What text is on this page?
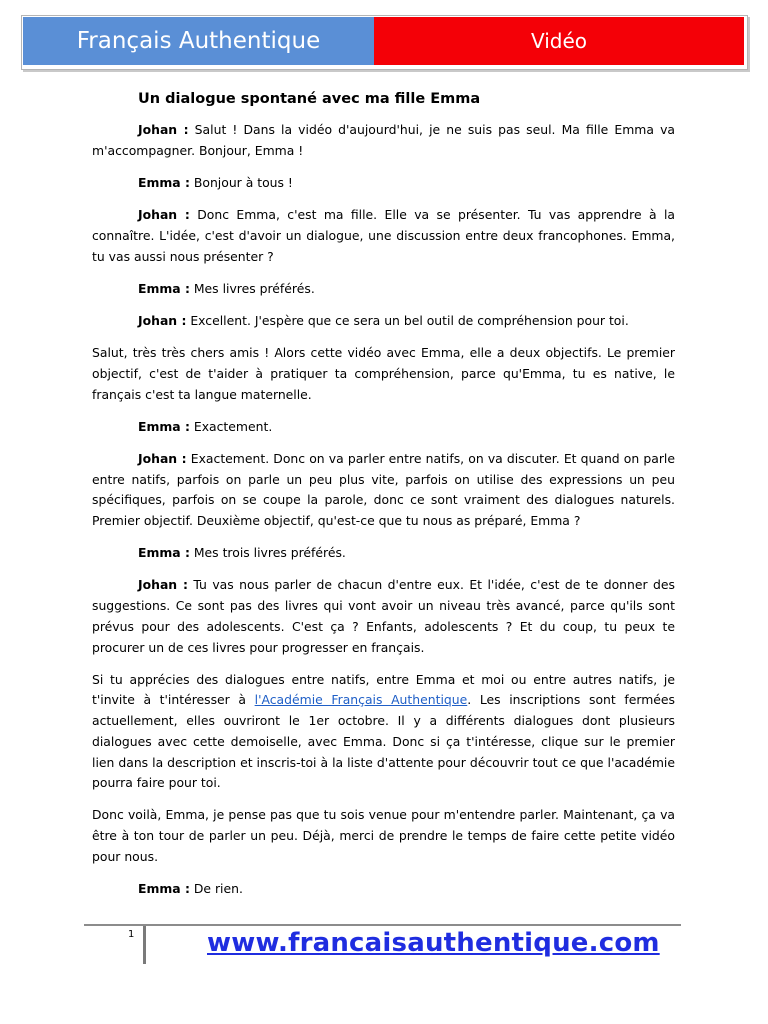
Français Authentique	Vidéo
Un dialogue spontané avec ma fille Emma

Johan : Salut ! Dans la vidéo d'aujourd'hui, je ne suis pas seul. Ma fille Emma va m'accompagner. Bonjour, Emma !

Emma : Bonjour à tous !

Johan : Donc Emma, c'est ma fille. Elle va se présenter. Tu vas apprendre à la connaître. L'idée, c'est d'avoir un dialogue, une discussion entre deux francophones. Emma, tu vas aussi nous présenter ?

Emma : Mes livres préférés.

Johan : Excellent. J'espère que ce sera un bel outil de compréhension pour toi.

Salut, très très chers amis ! Alors cette vidéo avec Emma, elle a deux objectifs. Le premier objectif, c'est de t'aider à pratiquer ta compréhension, parce qu'Emma, tu es native, le français c'est ta langue maternelle.

Emma : Exactement.

Johan : Exactement. Donc on va parler entre natifs, on va discuter. Et quand on parle entre natifs, parfois on parle un peu plus vite, parfois on utilise des expressions un peu spécifiques, parfois on se coupe la parole, donc ce sont vraiment des dialogues naturels. Premier objectif. Deuxième objectif, qu'est-ce que tu nous as préparé, Emma ?

Emma : Mes trois livres préférés.

Johan : Tu vas nous parler de chacun d'entre eux. Et l'idée, c'est de te donner des suggestions. Ce sont pas des livres qui vont avoir un niveau très avancé, parce qu'ils sont prévus pour des adolescents. C'est ça ? Enfants, adolescents ? Et du coup, tu peux te procurer un de ces livres pour progresser en français.

Si tu apprécies des dialogues entre natifs, entre Emma et moi ou entre autres natifs, je t'invite à t'intéresser à l'Académie Français Authentique. Les inscriptions sont fermées actuellement, elles ouvriront le 1er octobre. Il y a différents dialogues dont plusieurs dialogues avec cette demoiselle, avec Emma. Donc si ça t'intéresse, clique sur le premier lien dans la description et inscris-toi à la liste d'attente pour découvrir tout ce que l'académie pourra faire pour toi.

Donc voilà, Emma, je pense pas que tu sois venue pour m'entendre parler. Maintenant, ça va être à ton tour de parler un peu. Déjà, merci de prendre le temps de faire cette petite vidéo pour nous.

Emma : De rien.

1	www.francaisauthentique.com
